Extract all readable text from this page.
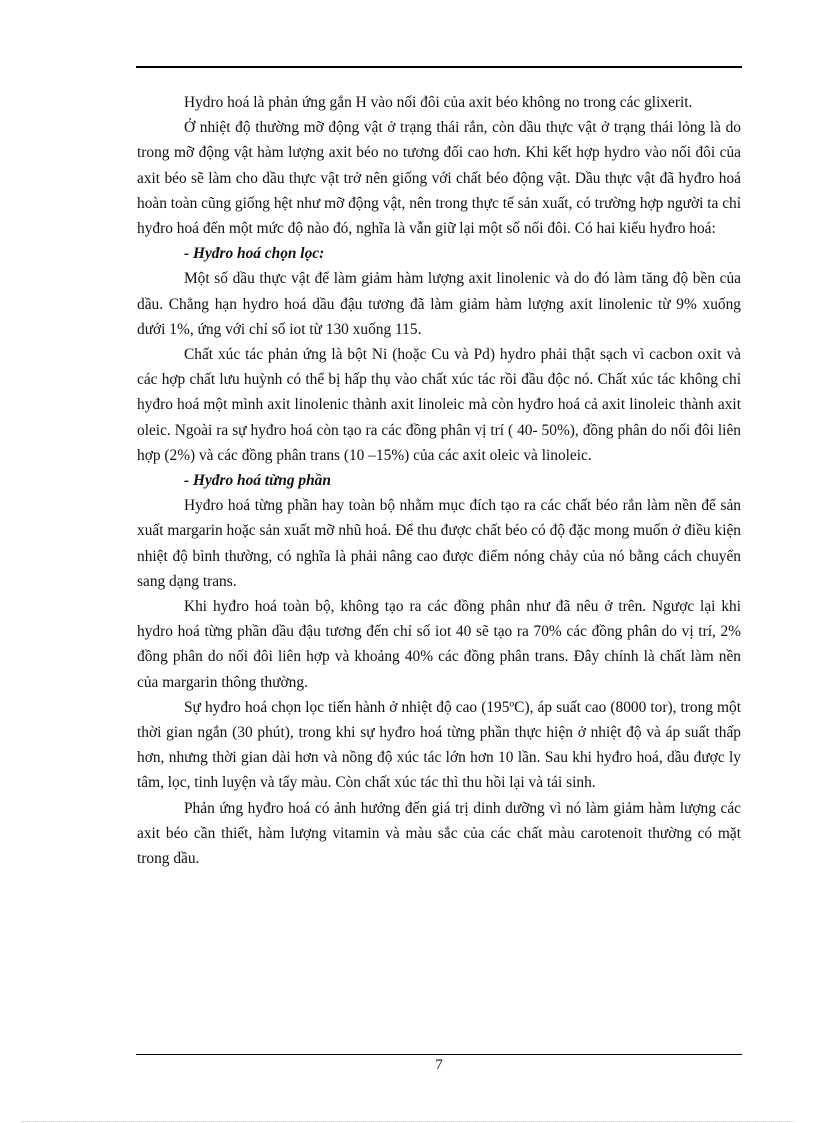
Hydro hoá là phản ứng gắn H vào nối đôi của axit béo không no trong các glixerit.

Ở nhiệt độ thường mỡ động vật ở trạng thái rắn, còn dầu thực vật ở trạng thái lỏng là do trong mỡ động vật hàm lượng axit béo no tương đối cao hơn. Khi kết hợp hydro vào nối đôi của axit béo sẽ làm cho dầu thực vật trở nên giống với chất béo động vật. Dầu thực vật đã hyđro hoá hoàn toàn cũng giống hệt như mỡ động vật, nên trong thực tế sản xuất, có trường hợp người ta chỉ hyđro hoá đến một mức độ nào đó, nghĩa là vẫn giữ lại một số nối đôi. Có hai kiểu hyđro hoá:

- Hyđro hoá chọn lọc:

Một số dầu thực vật để làm giảm hàm lượng axit linolenic và do đó làm tăng độ bền của dầu. Chẳng hạn hydro hoá dầu đậu tương đã làm giảm hàm lượng axit linolenic từ 9% xuống dưới 1%, ứng với chỉ số iot từ 130 xuống 115.

Chất xúc tác phản ứng là bột Ni (hoặc Cu và Pd) hydro phải thật sạch vì cacbon oxit và các hợp chất lưu huỳnh có thể bị hấp thụ vào chất xúc tác rồi đầu độc nó. Chất xúc tác không chỉ hyđro hoá một mình axit linolenic thành axit linoleic mà còn hyđro hoá cả axit linoleic thành axit oleic. Ngoài ra sự hyđro hoá còn tạo ra các đồng phân vị trí ( 40- 50%), đồng phân do nối đôi liên hợp (2%) và các đồng phân trans (10 –15%) của các axit oleic và linoleic.

- Hyđro hoá từng phần

Hyđro hoá từng phần hay toàn bộ nhằm mục đích tạo ra các chất béo rắn làm nền để sản xuất margarin hoặc sản xuất mỡ nhũ hoá. Để thu được chất béo có độ đặc mong muốn ở điều kiện nhiệt độ bình thường, có nghĩa là phải nâng cao được điểm nóng chảy của nó bằng cách chuyển sang dạng trans.

Khi hyđro hoá toàn bộ, không tạo ra các đồng phân như đã nêu ở trên. Ngược lại khi hydro hoá từng phần dầu đậu tương đến chỉ số iot 40 sẽ tạo ra 70% các đồng phân do vị trí, 2% đồng phân do nối đôi liên hợp và khoảng 40% các đồng phân trans. Đây chính là chất làm nền của margarin thông thường.

Sự hyđro hoá chọn lọc tiến hành ở nhiệt độ cao (195ºC), áp suất cao (8000 tor), trong một thời gian ngắn (30 phút), trong khi sự hyđro hoá từng phần thực hiện ở nhiệt độ và áp suất thấp hơn, nhưng thời gian dài hơn và nồng độ xúc tác lớn hơn 10 lần. Sau khi hyđro hoá, dầu được ly tâm, lọc, tinh luyện và tẩy màu. Còn chất xúc tác thì thu hồi lại và tái sinh.

Phản ứng hyđro hoá có ảnh hưởng đến giá trị dinh dưỡng vì nó làm giảm hàm lượng các axit béo cần thiết, hàm lượng vitamin và màu sắc của các chất màu carotenoit thường có mặt trong dầu.

7
